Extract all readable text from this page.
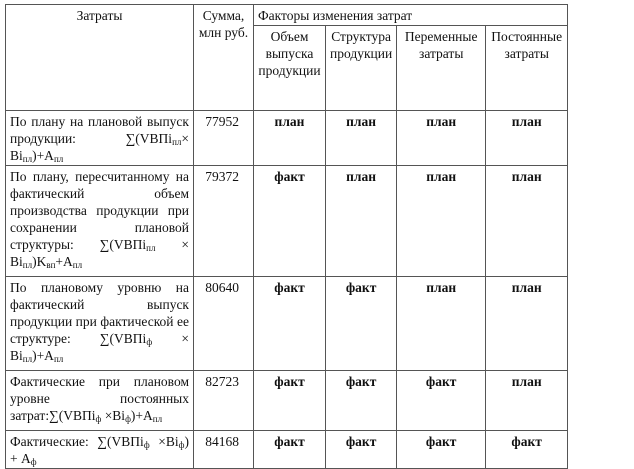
Затраты	Сумма, млн руб.	Факторы изменения затрат			
		Объем выпуска продукции	Структура продукции	Переменные затраты	Постоянные затраты
По плану на плановой выпуск продукции: ∑(VВПi$_{пл}$× $Bi_{пл})+А_{пл}$	77952	план	план	план	план
По плану, пересчитанному на фактический объем производства продукции при сохранении плановой структуры: ∑(VВПi$_{пл}$ × $Bi_{пл})K_{вп}+А_{пл}$	79372	факт	план	план	план
По плановому уровню на фактический выпуск продукции при фактической ее структуре: ∑(VВПi$_ф$ × $Bi_{пл})+А_{пл}$	80640	факт	факт	план	план
Фактические при плановом уровне постоянных затрат:∑(VВПi$_ф$ $\times Bi_ф)+А_{пл}$	82723	факт	факт	факт	план
Фактические: ∑(VВПi$_ф$ $\times Bi_ф) + А_ф$	84168	факт	факт	факт	факт
